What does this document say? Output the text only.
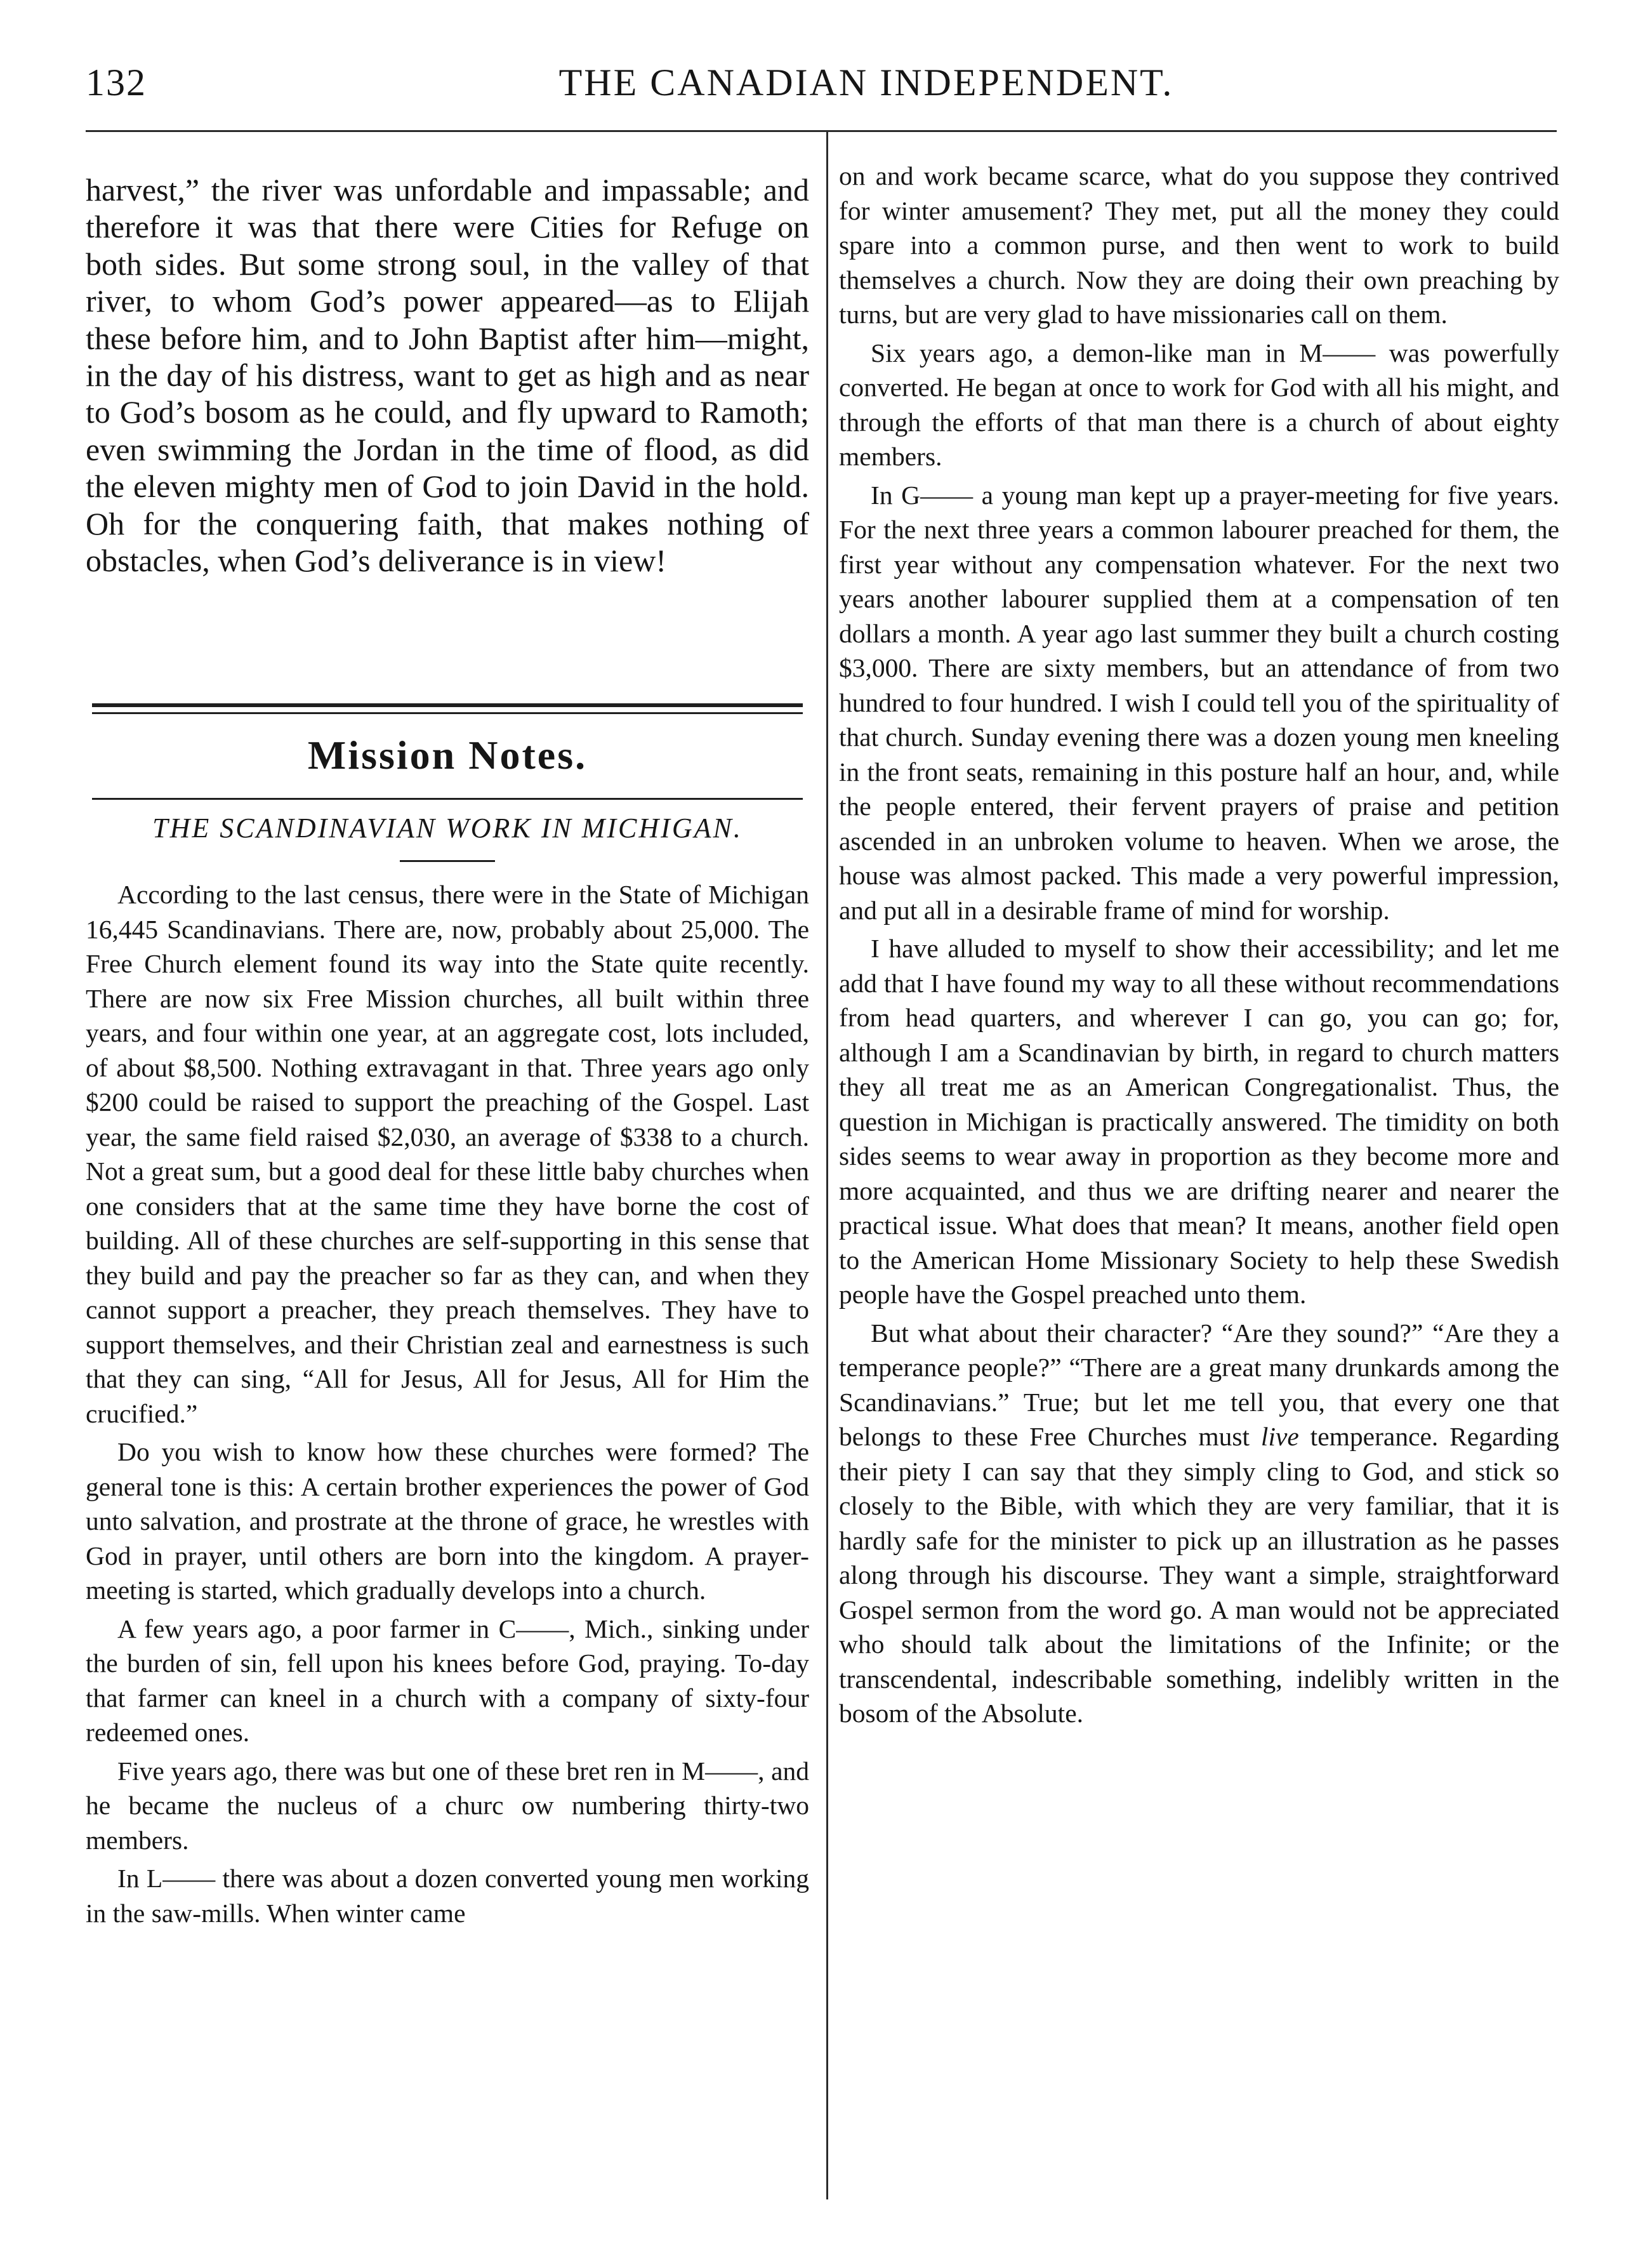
132	THE CANADIAN INDEPENDENT.
harvest,” the river was unfordable and impassable; and therefore it was that there were Cities for Refuge on both sides. But some strong soul, in the valley of that river, to whom God’s power appeared—as to Elijah these before him, and to John Baptist after him—might, in the day of his distress, want to get as high and as near to God’s bosom as he could, and fly upward to Ramoth; even swimming the Jordan in the time of flood, as did the eleven mighty men of God to join David in the hold. Oh for the conquering faith, that makes nothing of obstacles, when God’s deliverance is in view!
Mission Notes.
THE SCANDINAVIAN WORK IN MICHIGAN.

According to the last census, there were in the State of Michigan 16,445 Scandinavians. There are, now, probably about 25,000. The Free Church element found its way into the State quite recently. There are now six Free Mission churches, all built within three years, and four within one year, at an aggregate cost, lots included, of about $8,500. Nothing extravagant in that. Three years ago only $200 could be raised to support the preaching of the Gospel. Last year, the same field raised $2,030, an average of $338 to a church. Not a great sum, but a good deal for these little baby churches when one considers that at the same time they have borne the cost of building. All of these churches are self-supporting in this sense that they build and pay the preacher so far as they can, and when they cannot support a preacher, they preach themselves. They have to support themselves, and their Christian zeal and earnestness is such that they can sing, “All for Jesus, All for Jesus, All for Him the crucified.”

Do you wish to know how these churches were formed? The general tone is this: A certain brother experiences the power of God unto salvation, and prostrate at the throne of grace, he wrestles with God in prayer, until others are born into the kingdom. A prayer-meeting is started, which gradually develops into a church.

A few years ago, a poor farmer in C——, Mich., sinking under the burden of sin, fell upon his knees before God, praying. To-day that farmer can kneel in a church with a company of sixty-four redeemed ones.

Five years ago, there was but one of these bret ren in M——, and he became the nucleus of a churc ow numbering thirty-two members.

In L—— there was about a dozen converted young men working in the saw-mills. When winter came

on and work became scarce, what do you suppose they contrived for winter amusement? They met, put all the money they could spare into a common purse, and then went to work to build themselves a church. Now they are doing their own preaching by turns, but are very glad to have missionaries call on them.

Six years ago, a demon-like man in M—— was powerfully converted. He began at once to work for God with all his might, and through the efforts of that man there is a church of about eighty members.

In G—— a young man kept up a prayer-meeting for five years. For the next three years a common labourer preached for them, the first year without any compensation whatever. For the next two years another labourer supplied them at a compensation of ten dollars a month. A year ago last summer they built a church costing $3,000. There are sixty members, but an attendance of from two hundred to four hundred. I wish I could tell you of the spirituality of that church. Sunday evening there was a dozen young men kneeling in the front seats, remaining in this posture half an hour, and, while the people entered, their fervent prayers of praise and petition ascended in an unbroken volume to heaven. When we arose, the house was almost packed. This made a very powerful impression, and put all in a desirable frame of mind for worship.

I have alluded to myself to show their accessibility; and let me add that I have found my way to all these without recommendations from head quarters, and wherever I can go, you can go; for, although I am a Scandinavian by birth, in regard to church matters they all treat me as an American Congregationalist. Thus, the question in Michigan is practically answered. The timidity on both sides seems to wear away in proportion as they become more and more acquainted, and thus we are drifting nearer and nearer the practical issue. What does that mean? It means, another field open to the American Home Missionary Society to help these Swedish people have the Gospel preached unto them.

But what about their character? “Are they sound?” “Are they a temperance people?” “There are a great many drunkards among the Scandinavians.” True; but let me tell you, that every one that belongs to these Free Churches must live temperance. Regarding their piety I can say that they simply cling to God, and stick so closely to the Bible, with which they are very familiar, that it is hardly safe for the minister to pick up an illustration as he passes along through his discourse. They want a simple, straightforward Gospel sermon from the word go. A man would not be appreciated who should talk about the limitations of the Infinite; or the transcendental, indescribable something, indelibly written in the bosom of the Absolute.
